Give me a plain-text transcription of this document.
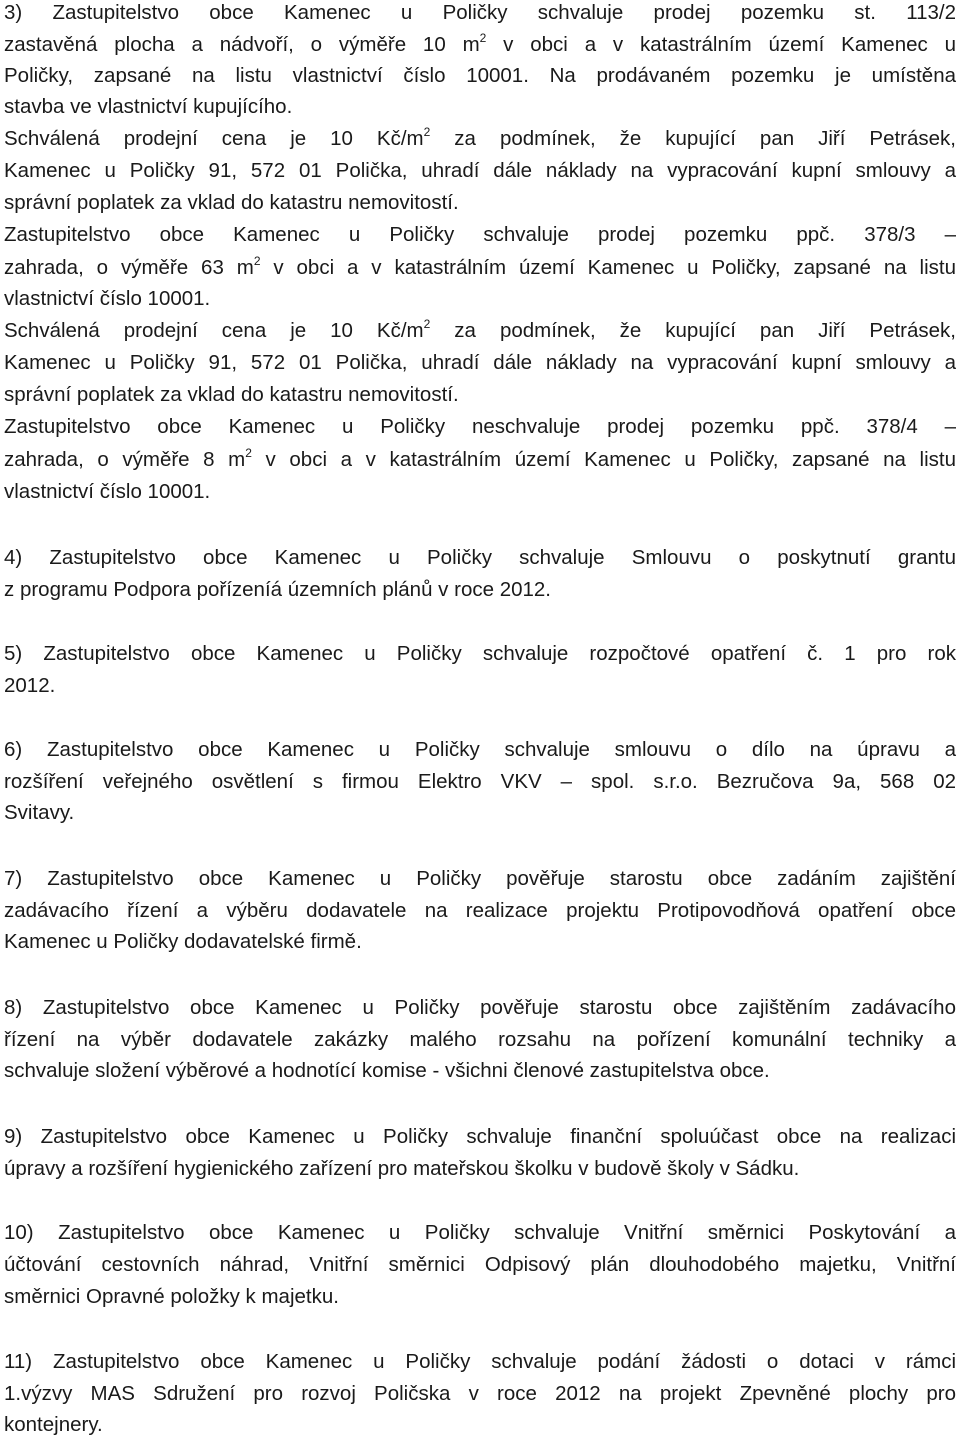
3) Zastupitelstvo obce Kamenec u Poličky schvaluje prodej pozemku st. 113/2
zastavěná plocha a nádvoří, o výměře 10 $m^2$ v obci a v katastrálním území Kamenec u
Poličky, zapsané na listu vlastnictví číslo 10001. Na prodávaném pozemku je umístěna
stavba ve vlastnictví kupujícího.
Schválená prodejní cena je 10 $Kč/m^2$ za podmínek, že kupující pan Jiří Petrásek,
Kamenec u Poličky 91, 572 01 Polička, uhradí dále náklady na vypracování kupní smlouvy a
správní poplatek za vklad do katastru nemovitostí.
Zastupitelstvo obce Kamenec u Poličky schvaluje prodej pozemku ppč. 378/3 –
zahrada, o výměře 63 $m^2$ v obci a v katastrálním území Kamenec u Poličky, zapsané na listu
vlastnictví číslo 10001.
Schválená prodejní cena je 10 $Kč/m^2$ za podmínek, že kupující pan Jiří Petrásek,
Kamenec u Poličky 91, 572 01 Polička, uhradí dále náklady na vypracování kupní smlouvy a
správní poplatek za vklad do katastru nemovitostí.
Zastupitelstvo obce Kamenec u Poličky neschvaluje prodej pozemku ppč. 378/4 –
zahrada, o výměře 8 $m^2$ v obci a v katastrálním území Kamenec u Poličky, zapsané na listu
vlastnictví číslo 10001.
4) Zastupitelstvo obce Kamenec u Poličky schvaluje Smlouvu o poskytnutí grantu
z programu Podpora pořízeníá územních plánů v roce 2012.
5) Zastupitelstvo obce Kamenec u Poličky schvaluje rozpočtové opatření č. 1 pro rok
2012.
6) Zastupitelstvo obce Kamenec u Poličky schvaluje smlouvu o dílo na úpravu a
rozšíření veřejného osvětlení s firmou Elektro VKV – spol. s.r.o. Bezručova 9a, 568 02
Svitavy.
7) Zastupitelstvo obce Kamenec u Poličky pověřuje starostu obce zadáním zajištění
zadávacího řízení a výběru dodavatele na realizace projektu Protipovodňová opatření obce
Kamenec u Poličky dodavatelské firmě.
8) Zastupitelstvo obce Kamenec u Poličky pověřuje starostu obce zajištěním zadávacího
řízení na výběr dodavatele zakázky malého rozsahu na pořízení komunální techniky a
schvaluje složení výběrové a hodnotící komise - všichni členové zastupitelstva obce.
9) Zastupitelstvo obce Kamenec u Poličky schvaluje finanční spoluúčast obce na realizaci
úpravy a rozšíření hygienického zařízení pro mateřskou školku v budově školy v Sádku.
10) Zastupitelstvo obce Kamenec u Poličky schvaluje Vnitřní směrnici Poskytování a
účtování cestovních náhrad, Vnitřní směrnici Odpisový plán dlouhodobého majetku, Vnitřní
směrnici Opravné položky k majetku.
11) Zastupitelstvo obce Kamenec u Poličky schvaluje podání žádosti o dotaci v rámci
1.výzvy MAS Sdružení pro rozvoj Poličska v roce 2012 na projekt Zpevněné plochy pro
kontejnery.
